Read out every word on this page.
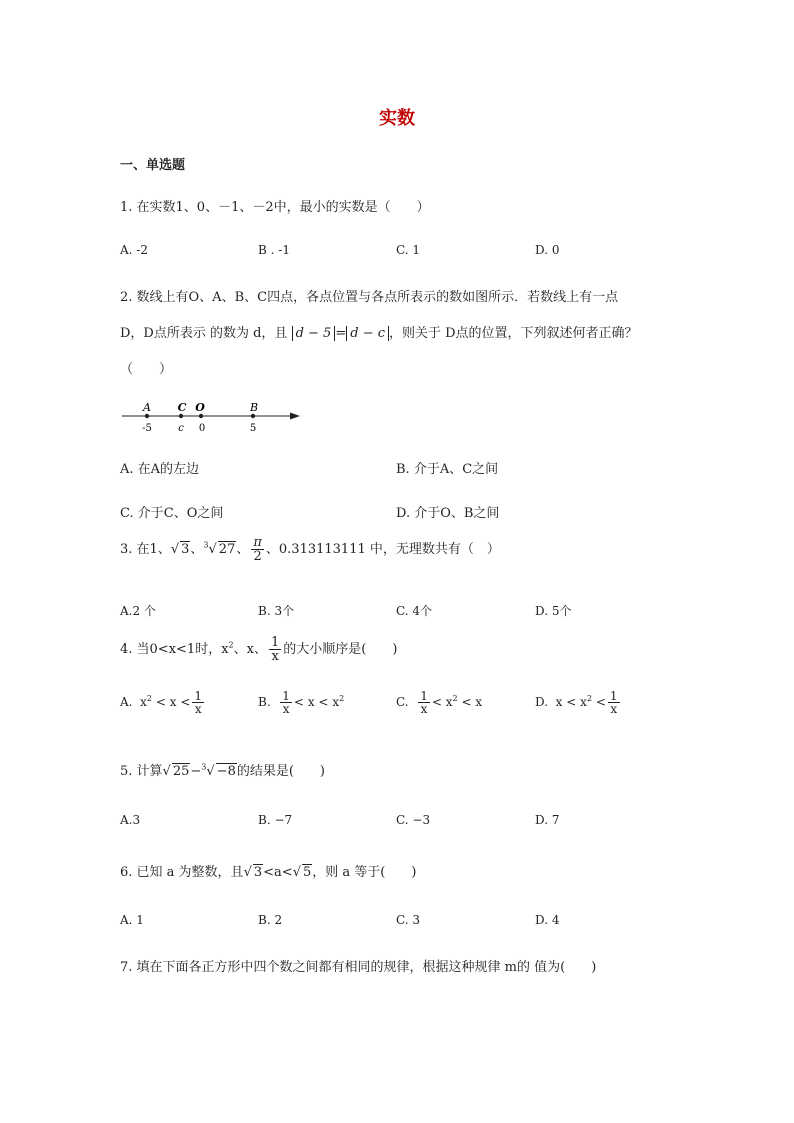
实数
一、单选题
1. 在实数1、0、－1、－2中，最小的实数是（　　）
A. -2	B . -1	C. 1	D. 0
2. 数线上有O、A、B、C四点，各点位置与各点所表示的数如图所示．若数线上有一点
D，D点所表示 的数为 d，且 d − 5 = d − c ，则关于 D点的位置，下列叙述何者正确？
（　　）
A C O	B
-5	c 0	5
A. 在A的左边	B. 介于A、C之间
C. 介于C、O之间	D. 介于O、B之间
3. 在1、√ 3、$^3$√ 27、 $\frac{\pi}{2}$ 、0.313113111 中，无理数共有（　）
A.2 个	B. 3个	C. 4个	D. 5个
4. 当0<x<1时，$x^2$、x、 $\frac{1}{x}$ 的大小顺序是(　　)
A. $x^2 < x < \frac{1}{x}$	B. $\frac{1}{x} < x < x^2$	C. $\frac{1}{x} < x^2 < x$	D. $x < x^2 < \frac{1}{x}$
5. 计算√ 25−$^3$√ −8的结果是(　　)
A.3	B. −7	C. −3	D. 7
6. 已知 a 为整数，且√ 3<a<√ 5，则 a 等于(　　)
A. 1	B. 2	C. 3	D. 4
7. 填在下面各正方形中四个数之间都有相同的规律，根据这种规律 m的 值为(　　)
